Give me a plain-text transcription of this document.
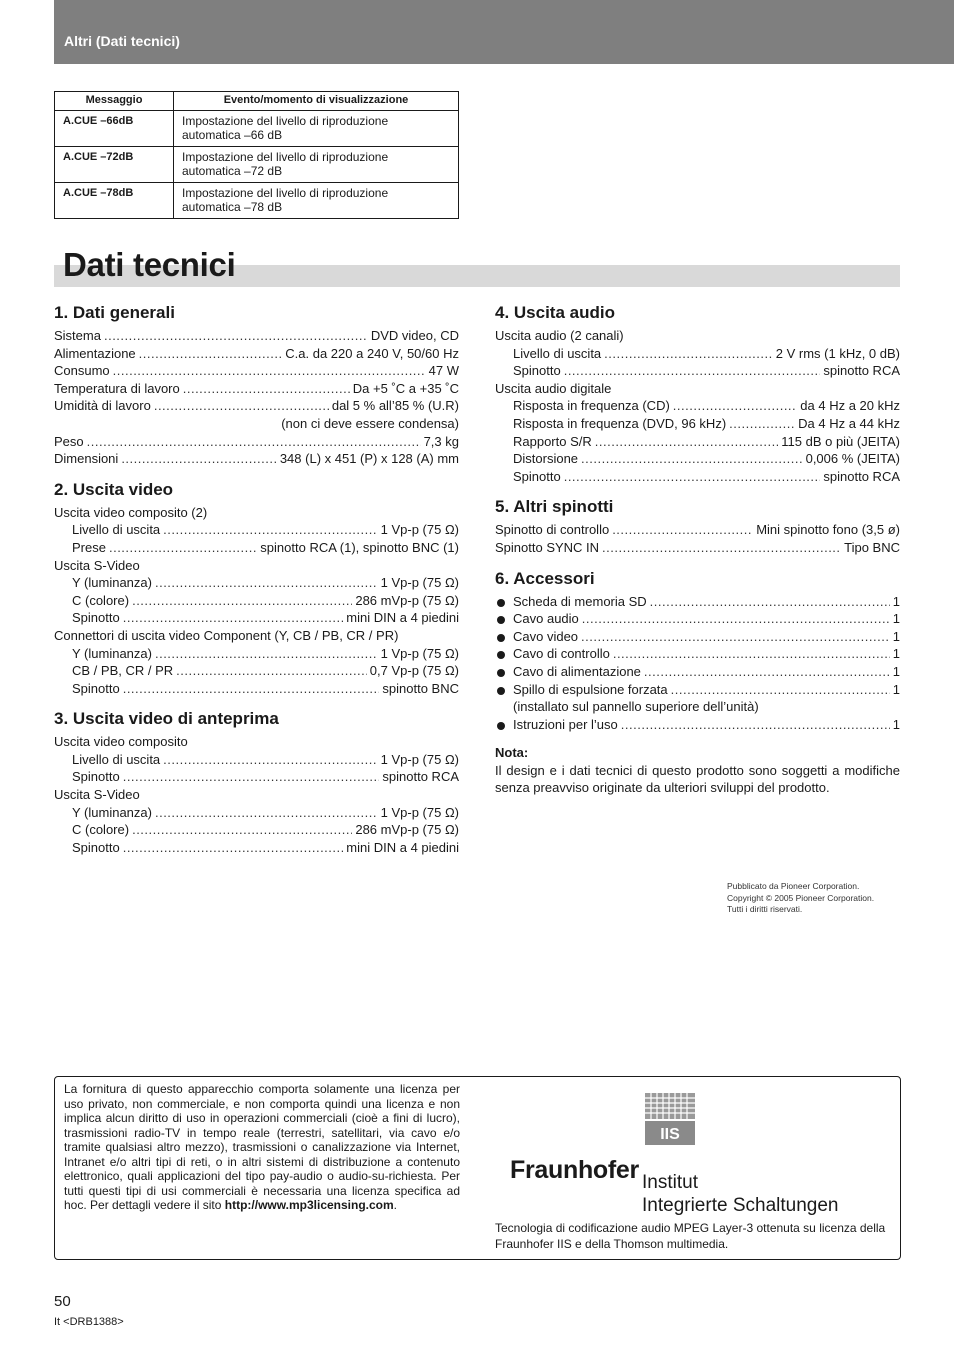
Altri (Dati tecnici)
Messaggio	Evento/momento di visualizzazione
A.CUE –66dB	Impostazione del livello di riproduzione
automatica –66 dB
A.CUE –72dB	Impostazione del livello di riproduzione
automatica –72 dB
A.CUE –78dB	Impostazione del livello di riproduzione
automatica –78 dB
Dati tecnici
1. Dati generali
Sistema .....	DVD video, CD
Alimentazione .....	C.a. da 220 a 240 V, 50/60 Hz
Consumo .....	47 W
Temperatura di lavoro .....	Da +5 ˚C a +35 ˚C
Umidità di lavoro .....	dal 5 % all’85 % (U.R)
(non ci deve essere condensa)
Peso .....	7,3 kg
Dimensioni .....	348 (L) x 451 (P) x 128 (A) mm
2. Uscita video
Uscita video composito (2)
Livello di uscita .....	1 Vp-p (75 Ω)
Prese .....	spinotto RCA (1), spinotto BNC (1)
Uscita S-Video
Y (luminanza) .....	1 Vp-p (75 Ω)
C (colore) .....	286 mVp-p (75 Ω)
Spinotto .....	mini DIN a 4 piedini
Connettori di uscita video Component (Y, CB / PB, CR / PR)
Y (luminanza) .....	1 Vp-p (75 Ω)
CB / PB, CR / PR .....	0,7 Vp-p (75 Ω)
Spinotto .....	spinotto BNC
3. Uscita video di anteprima
Uscita video composito
Livello di uscita .....	1 Vp-p (75 Ω)
Spinotto .....	spinotto RCA
Uscita S-Video
Y (luminanza) .....	1 Vp-p (75 Ω)
C (colore) .....	286 mVp-p (75 Ω)
Spinotto .....	mini DIN a 4 piedini
4. Uscita audio
Uscita audio (2 canali)
Livello di uscita .....	2 V rms (1 kHz, 0 dB)
Spinotto .....	spinotto RCA
Uscita audio digitale
Risposta in frequenza (CD) .....	da 4 Hz a 20 kHz
Risposta in frequenza (DVD, 96 kHz) .....	Da 4 Hz a 44 kHz
Rapporto S/R .....	115 dB o più (JEITA)
Distorsione .....	0,006 % (JEITA)
Spinotto .....	spinotto RCA
5. Altri spinotti
Spinotto di controllo .....	Mini spinotto fono (3,5 ø)
Spinotto SYNC IN .....	Tipo BNC
6. Accessori
Scheda di memoria SD .....	1
Cavo audio .....	1
Cavo video .....	1
Cavo di controllo .....	1
Cavo di alimentazione .....	1
Spillo di espulsione forzata .....	1
(installato sul pannello superiore dell’unità)
Istruzioni per l’uso .....	1
Nota:
Il design e i dati tecnici di questo prodotto sono soggetti a modifiche senza preavviso originate da ulteriori sviluppi del prodotto.
Pubblicato da Pioneer Corporation.
Copyright © 2005 Pioneer Corporation.
Tutti i diritti riservati.
La fornitura di questo apparecchio comporta solamente una licenza per uso privato, non commerciale, e non comporta quindi una licenza e non implica alcun diritto di uso in operazioni commerciali (cioè a fini di lucro), trasmissioni radio-TV in tempo reale (terrestri, satellitari, via cavo e/o tramite qualsiasi altro mezzo), trasmissioni o canalizzazione via Internet, Intranet e/o altri tipi di reti, o in altri sistemi di distribuzione a contenuto elettronico, quali applicazioni del tipo pay-audio o audio-su-richiesta. Per tutti questi tipi di usi commerciali è necessaria una licenza specifica ad hoc. Per dettagli vedere il sito http://www.mp3licensing.com.
IIS
Fraunhofer Institut
Integrierte Schaltungen
Tecnologia di codificazione audio MPEG Layer-3 ottenuta su licenza della Fraunhofer IIS e della Thomson multimedia.
50
It <DRB1388>
